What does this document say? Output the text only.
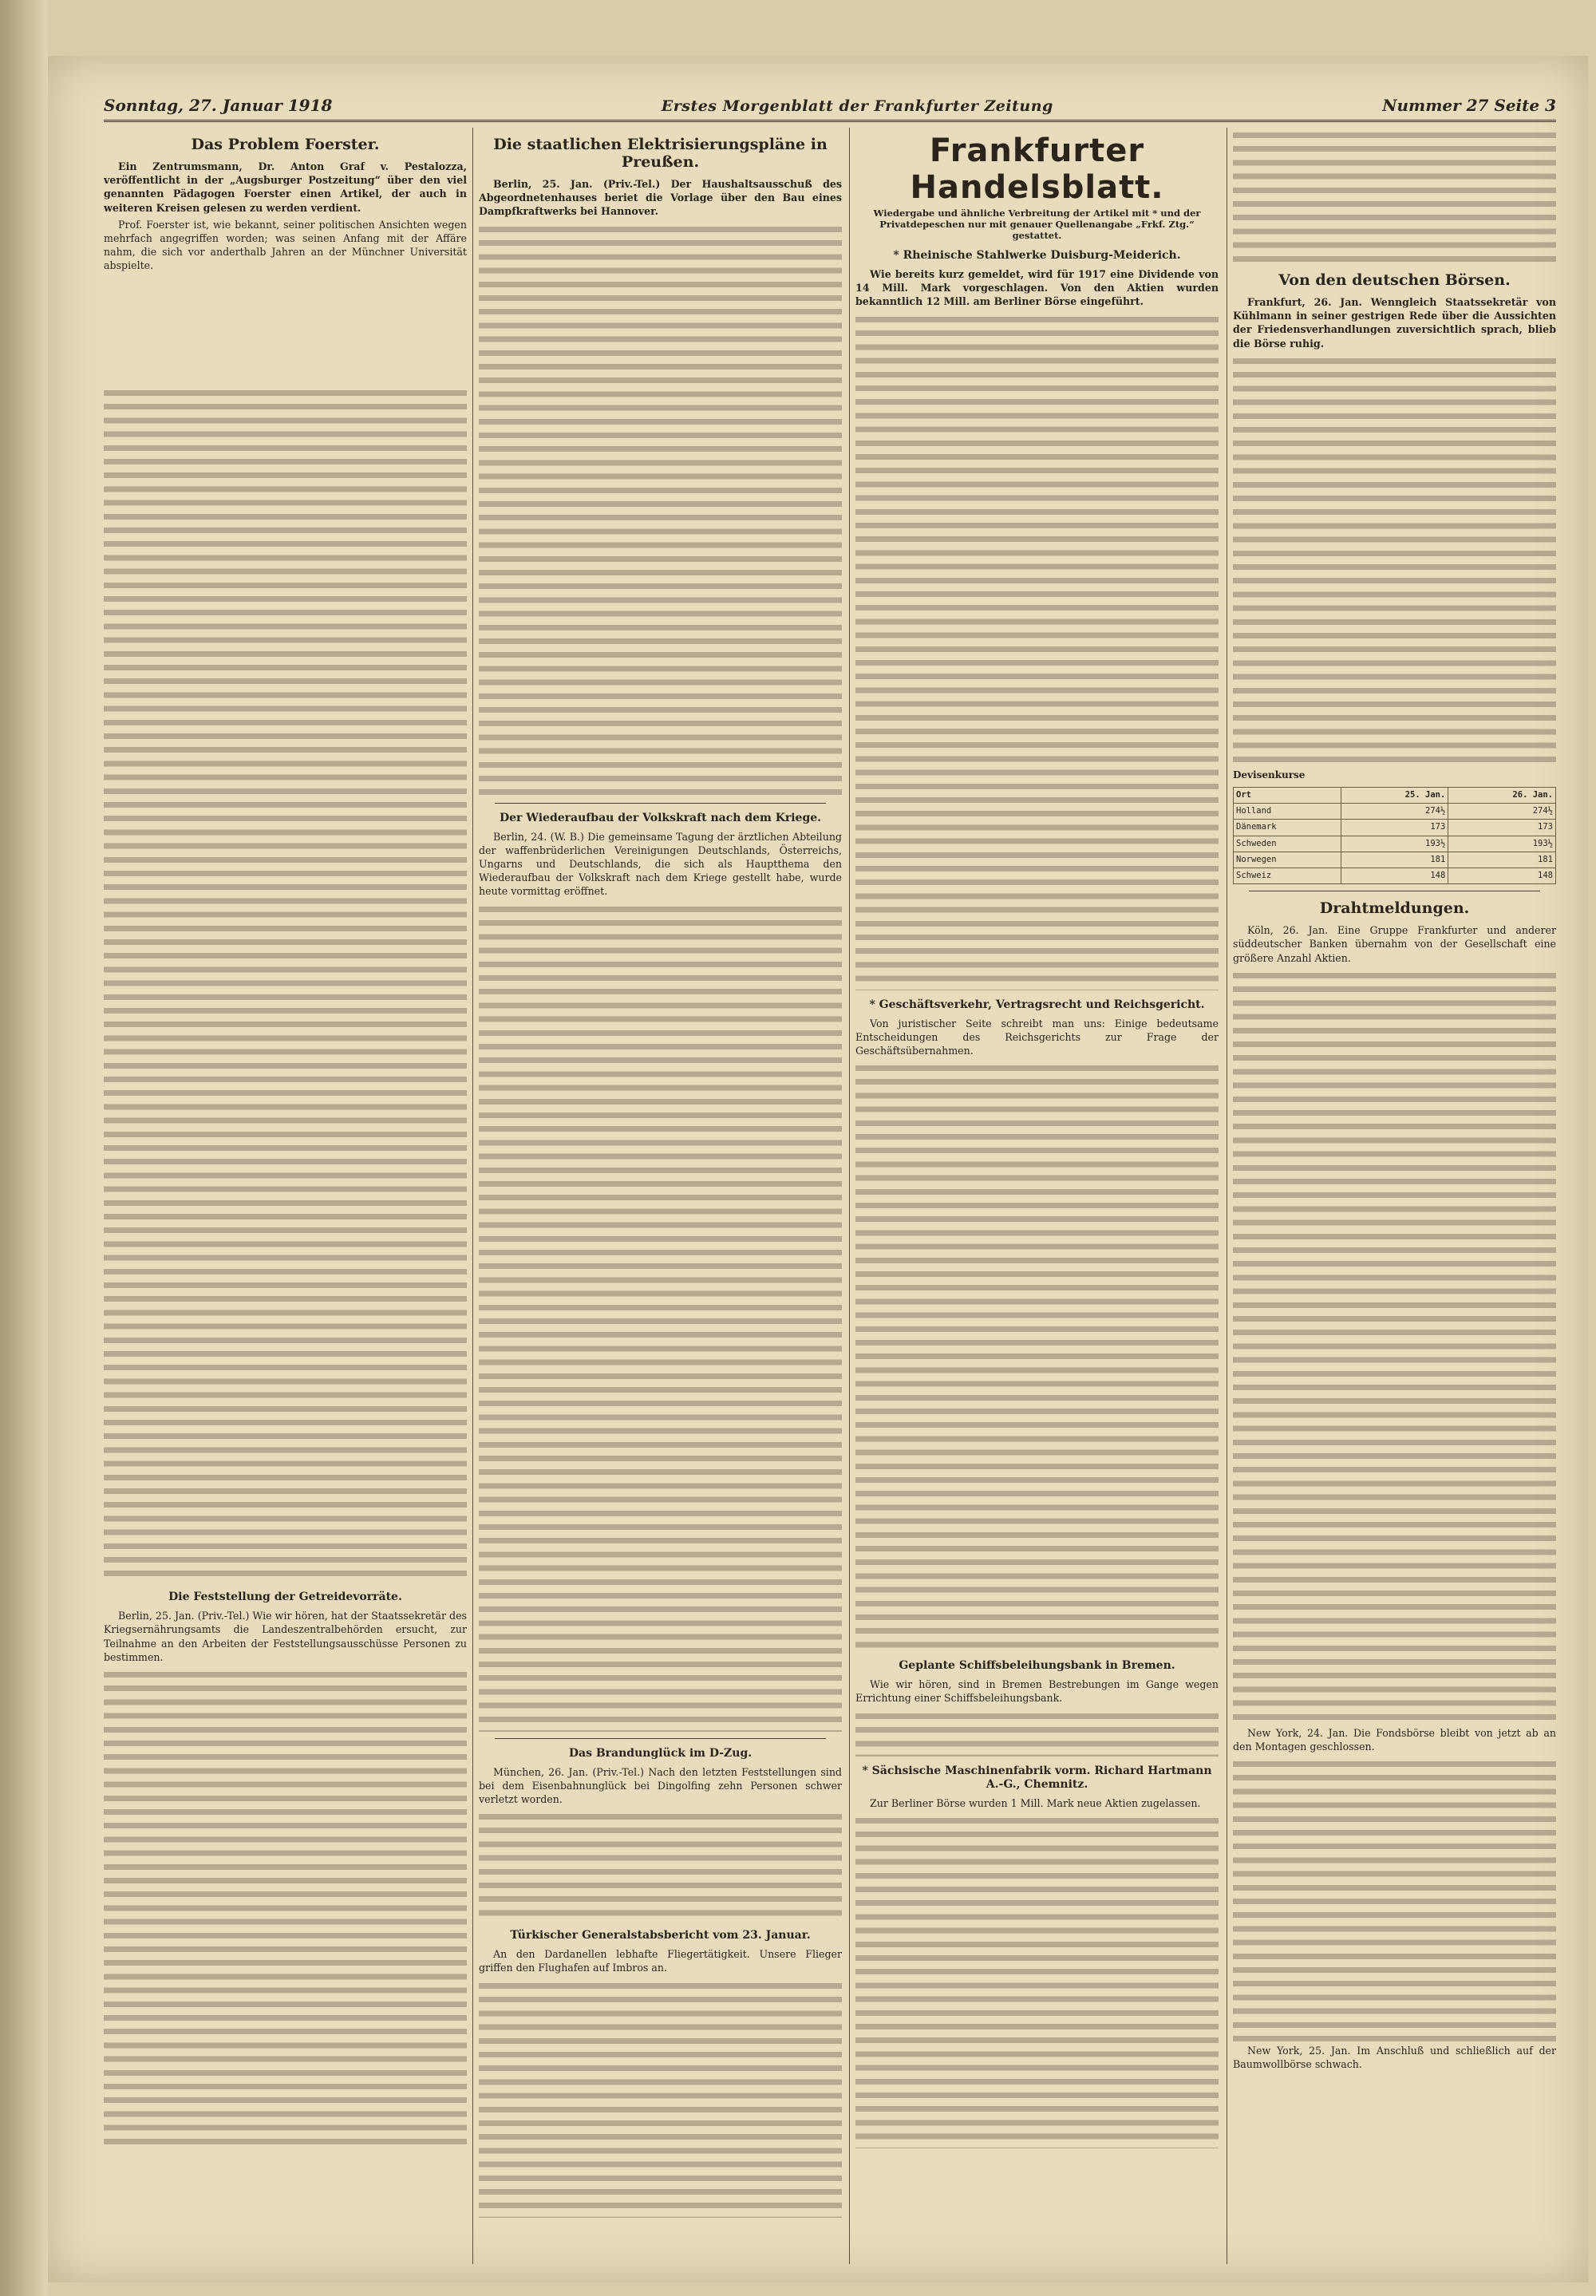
Sonntag, 27. Januar 1918	Erstes Morgenblatt der Frankfurter Zeitung	Nummer 27 Seite 3
Das Problem Foerster.

Ein Zentrumsmann, Dr. Anton Graf v. Pestalozza, veröffentlicht in der „Augsburger Postzeitung“ über den viel genannten Pädagogen Foerster einen Artikel, der auch in weiteren Kreisen gelesen zu werden verdient.

Prof. Foerster ist, wie bekannt, seiner politischen Ansichten wegen mehrfach angegriffen worden; was seinen Anfang mit der Affäre nahm, die sich vor anderthalb Jahren an der Münchner Universität abspielte.

Die Feststellung der Getreidevorräte.

Berlin, 25. Jan. (Priv.-Tel.) Wie wir hören, hat der Staatssekretär des Kriegsernährungsamts die Landeszentralbehörden ersucht, zur Teilnahme an den Arbeiten der Feststellungsausschüsse Personen zu bestimmen.

Die staatlichen Elektrisierungspläne in Preußen.

Berlin, 25. Jan. (Priv.-Tel.) Der Haushaltsausschuß des Abgeordnetenhauses beriet die Vorlage über den Bau eines Dampfkraftwerks bei Hannover.

Der Wiederaufbau der Volkskraft nach dem Kriege.

Berlin, 24. (W. B.) Die gemeinsame Tagung der ärztlichen Abteilung der waffenbrüderlichen Vereinigungen Deutschlands, Österreichs, Ungarns und Deutschlands, die sich als Hauptthema den Wiederaufbau der Volkskraft nach dem Kriege gestellt habe, wurde heute vormittag eröffnet.

Das Brandunglück im D-Zug.

München, 26. Jan. (Priv.-Tel.) Nach den letzten Feststellungen sind bei dem Eisenbahnunglück bei Dingolfing zehn Personen schwer verletzt worden.

Türkischer Generalstabsbericht vom 23. Januar.

An den Dardanellen lebhafte Fliegertätigkeit. Unsere Flieger griffen den Flughafen auf Imbros an.

Frankfurter Handelsblatt.
Wiedergabe und ähnliche Verbreitung der Artikel mit * und der Privatdepeschen nur mit genauer Quellenangabe „Frkf. Ztg.“ gestattet.
* Rheinische Stahlwerke Duisburg-Meiderich.

Wie bereits kurz gemeldet, wird für 1917 eine Dividende von 14 Mill. Mark vorgeschlagen. Von den Aktien wurden bekanntlich 12 Mill. am Berliner Börse eingeführt.

* Geschäftsverkehr, Vertragsrecht und Reichsgericht.

Von juristischer Seite schreibt man uns: Einige bedeutsame Entscheidungen des Reichsgerichts zur Frage der Geschäftsübernahmen.

Geplante Schiffsbeleihungsbank in Bremen.

Wie wir hören, sind in Bremen Bestrebungen im Gange wegen Errichtung einer Schiffsbeleihungsbank.

* Sächsische Maschinenfabrik vorm. Richard Hartmann A.-G., Chemnitz.

Zur Berliner Börse wurden 1 Mill. Mark neue Aktien zugelassen.

Von den deutschen Börsen.

Frankfurt, 26. Jan. Wenngleich Staatssekretär von Kühlmann in seiner gestrigen Rede über die Aussichten der Friedensverhandlungen zuversichtlich sprach, blieb die Börse ruhig.

Devisenkurse
Ort	25. Jan.	26. Jan.
Holland	274½	274½
Dänemark	173	173
Schweden	193½	193½
Norwegen	181	181
Schweiz	148	148
Drahtmeldungen.

Köln, 26. Jan. Eine Gruppe Frankfurter und anderer süddeutscher Banken übernahm von der Gesellschaft eine größere Anzahl Aktien.

New York, 24. Jan. Die Fondsbörse bleibt von jetzt ab an den Montagen geschlossen.

New York, 25. Jan. Im Anschluß und schließlich auf der Baumwollbörse schwach.
